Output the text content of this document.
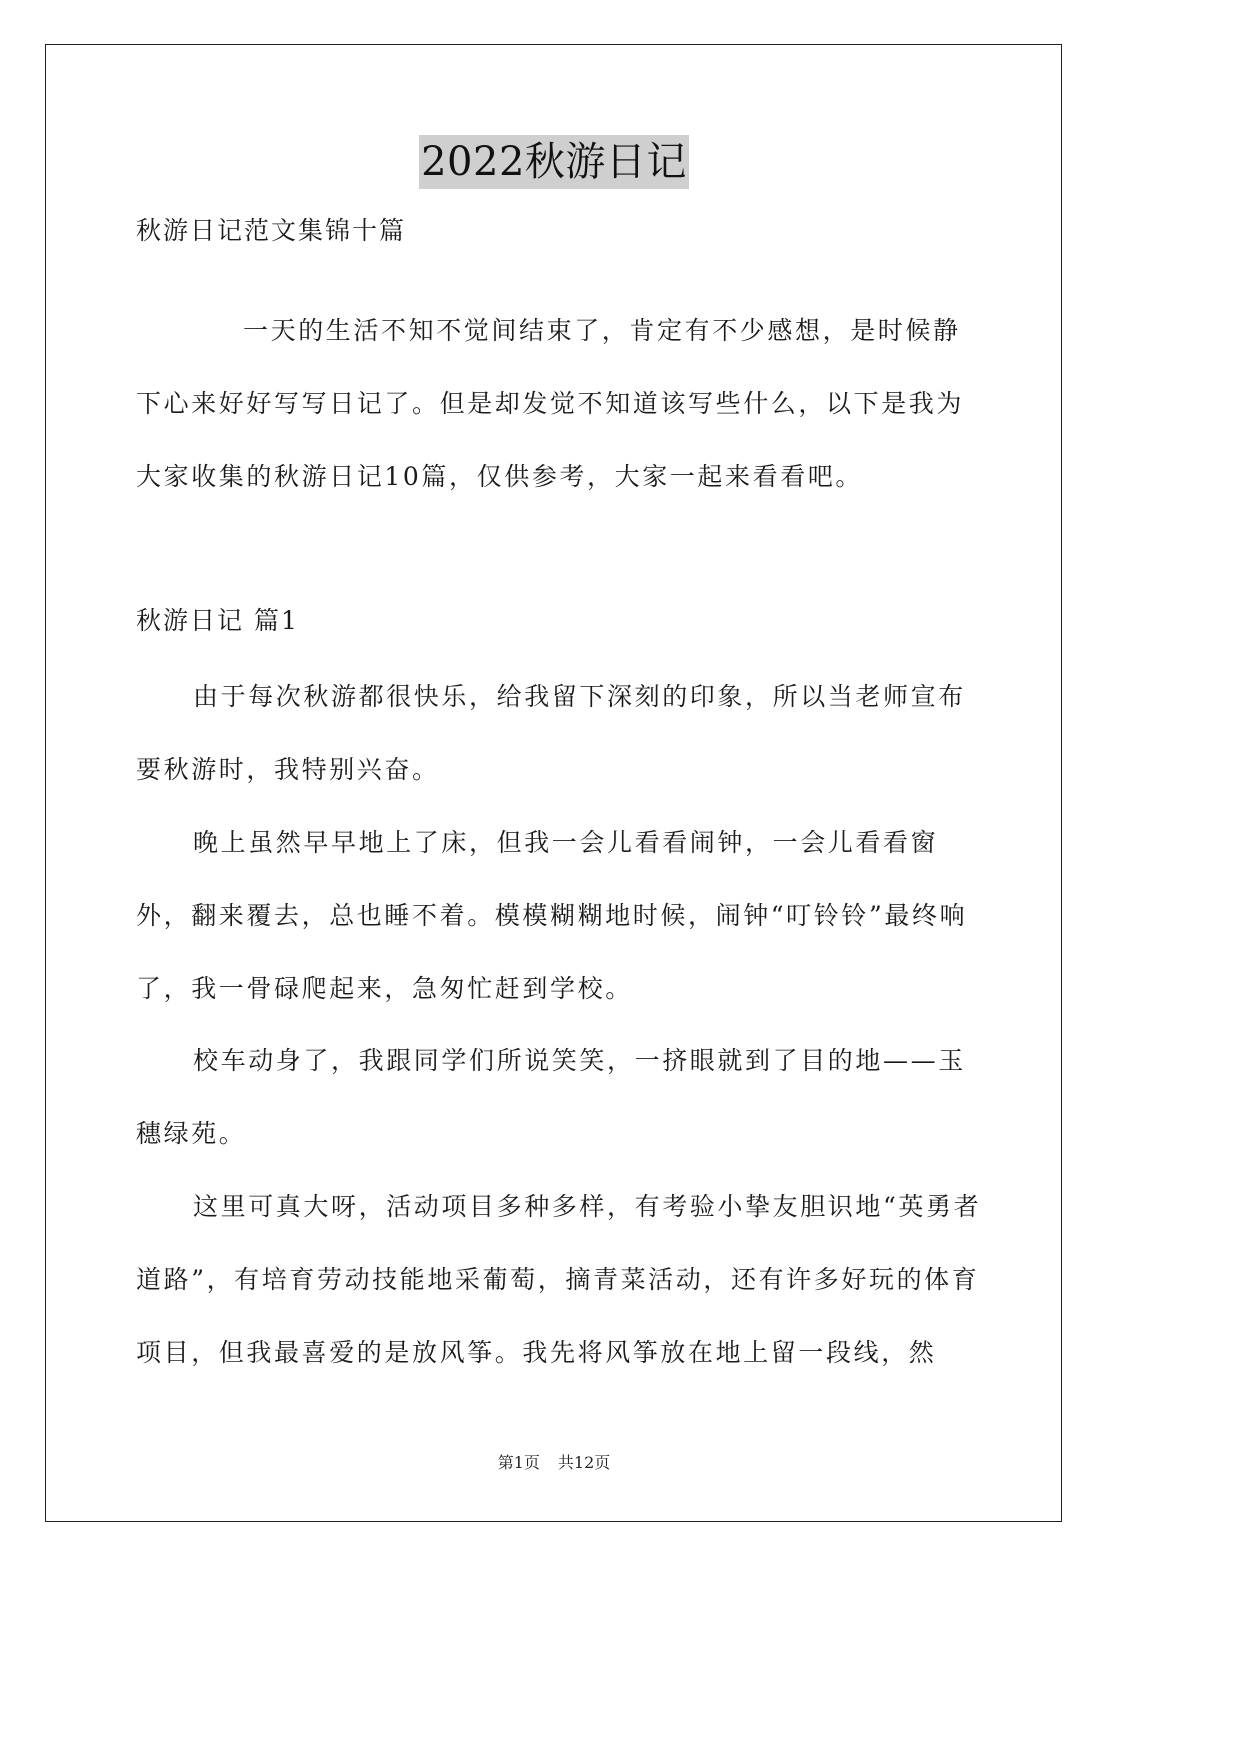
2022秋游日记

秋游日记范文集锦十篇

一天的生活不知不觉间结束了，肯定有不少感想，是时候静下心来好好写写日记了。但是却发觉不知道该写些什么，以下是我为大家收集的秋游日记10篇，仅供参考，大家一起来看看吧。

秋游日记 篇1

由于每次秋游都很快乐，给我留下深刻的印象，所以当老师宣布要秋游时，我特别兴奋。

晚上虽然早早地上了床，但我一会儿看看闹钟，一会儿看看窗外，翻来覆去，总也睡不着。模模糊糊地时候，闹钟“叮铃铃”最终响了，我一骨碌爬起来，急匆忙赶到学校。

校车动身了，我跟同学们所说笑笑，一挤眼就到了目的地——玉穗绿苑。

这里可真大呀，活动项目多种多样，有考验小挚友胆识地“英勇者道路”，有培育劳动技能地采葡萄，摘青菜活动，还有许多好玩的体育项目，但我最喜爱的是放风筝。我先将风筝放在地上留一段线，然

第1页 共12页
